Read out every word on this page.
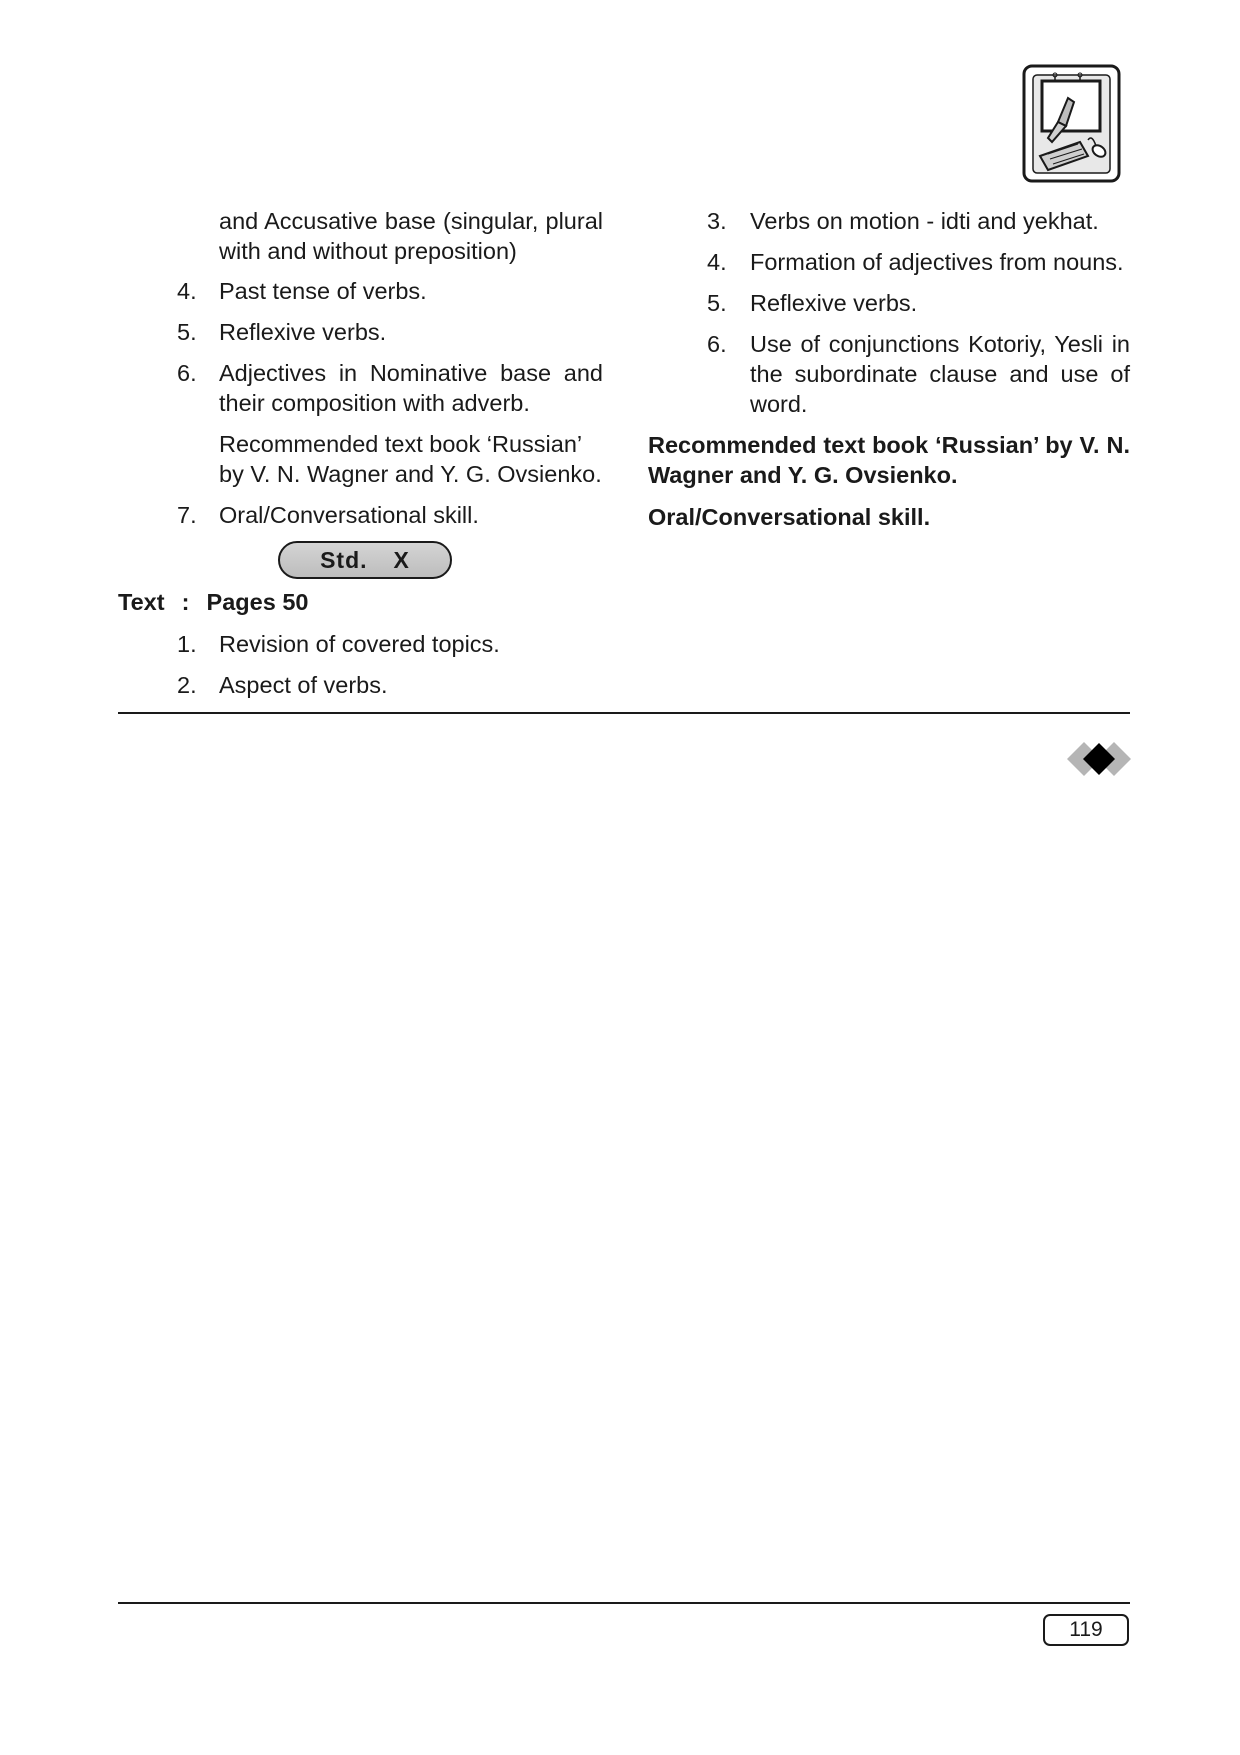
and Accusative base (singular, plural with and without preposition)

4. Past tense of verbs.
5. Reflexive verbs.
6. Adjectives in Nominative base and their composition with adverb.

Recommended text book ‘Russian’ by V. N. Wagner and Y. G. Ovsienko.

7. Oral/Conversational skill.
Std. X
Text : Pages 50
1. Revision of covered topics.
2. Aspect of verbs.
3. Verbs on motion - idti and yekhat.
4. Formation of adjectives from nouns.
5. Reflexive verbs.
6. Use of conjunctions Kotoriy, Yesli in the subordinate clause and use of word.

Recommended text book ‘Russian’ by V. N. Wagner and Y. G. Ovsienko.

Oral/Conversational skill.

119
